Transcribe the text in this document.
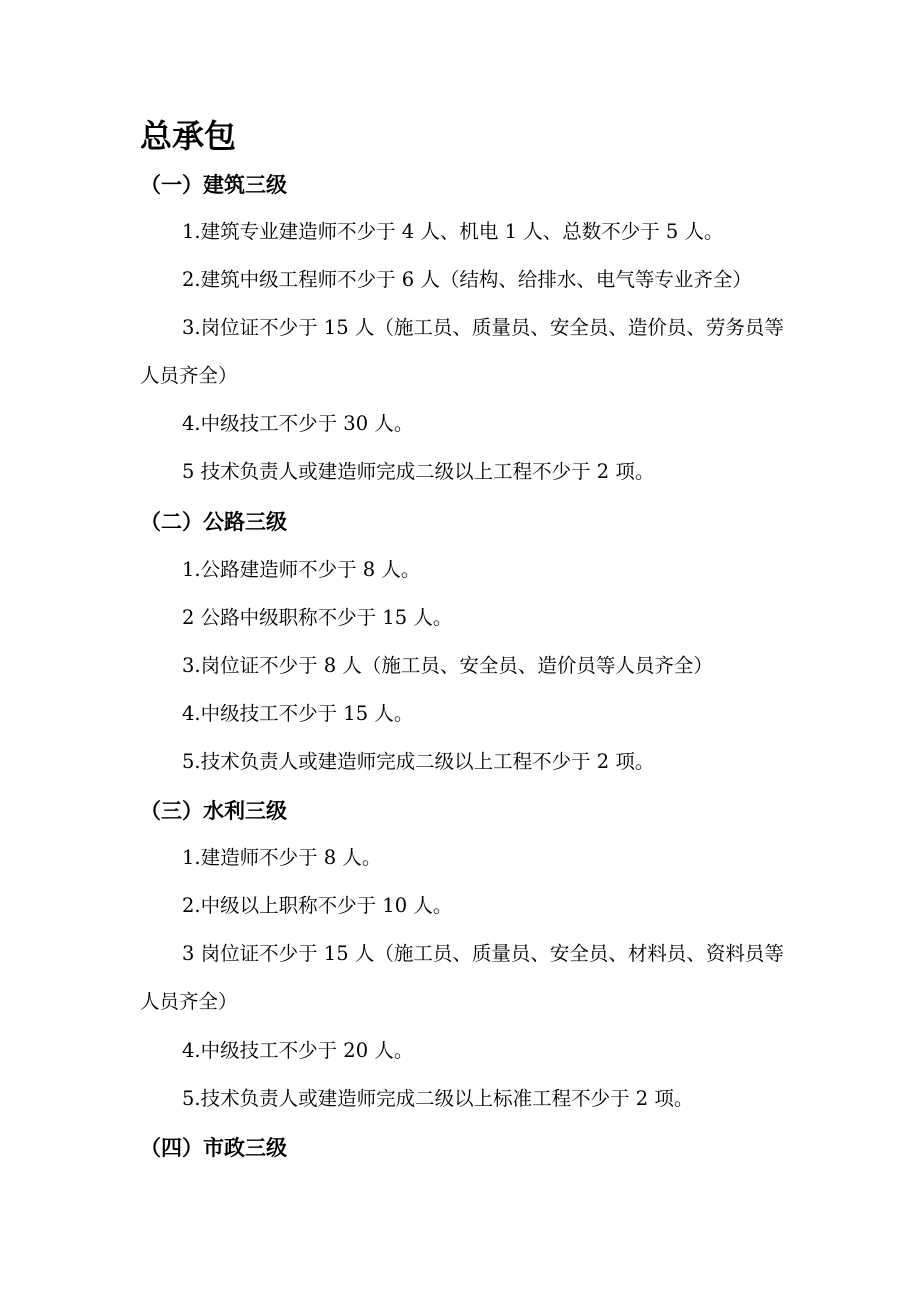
总承包
（一）建筑三级

1.建筑专业建造师不少于 4 人、机电 1 人、总数不少于 5 人。

2.建筑中级工程师不少于 6 人（结构、给排水、电气等专业齐全）

3.岗位证不少于 15 人（施工员、质量员、安全员、造价员、劳务员等人员齐全）

4.中级技工不少于 30 人。

5 技术负责人或建造师完成二级以上工程不少于 2 项。

（二）公路三级

1.公路建造师不少于 8 人。

2 公路中级职称不少于 15 人。

3.岗位证不少于 8 人（施工员、安全员、造价员等人员齐全）

4.中级技工不少于 15 人。

5.技术负责人或建造师完成二级以上工程不少于 2 项。

（三）水利三级

1.建造师不少于 8 人。

2.中级以上职称不少于 10 人。

3 岗位证不少于 15 人（施工员、质量员、安全员、材料员、资料员等人员齐全）

4.中级技工不少于 20 人。

5.技术负责人或建造师完成二级以上标准工程不少于 2 项。

（四）市政三级
